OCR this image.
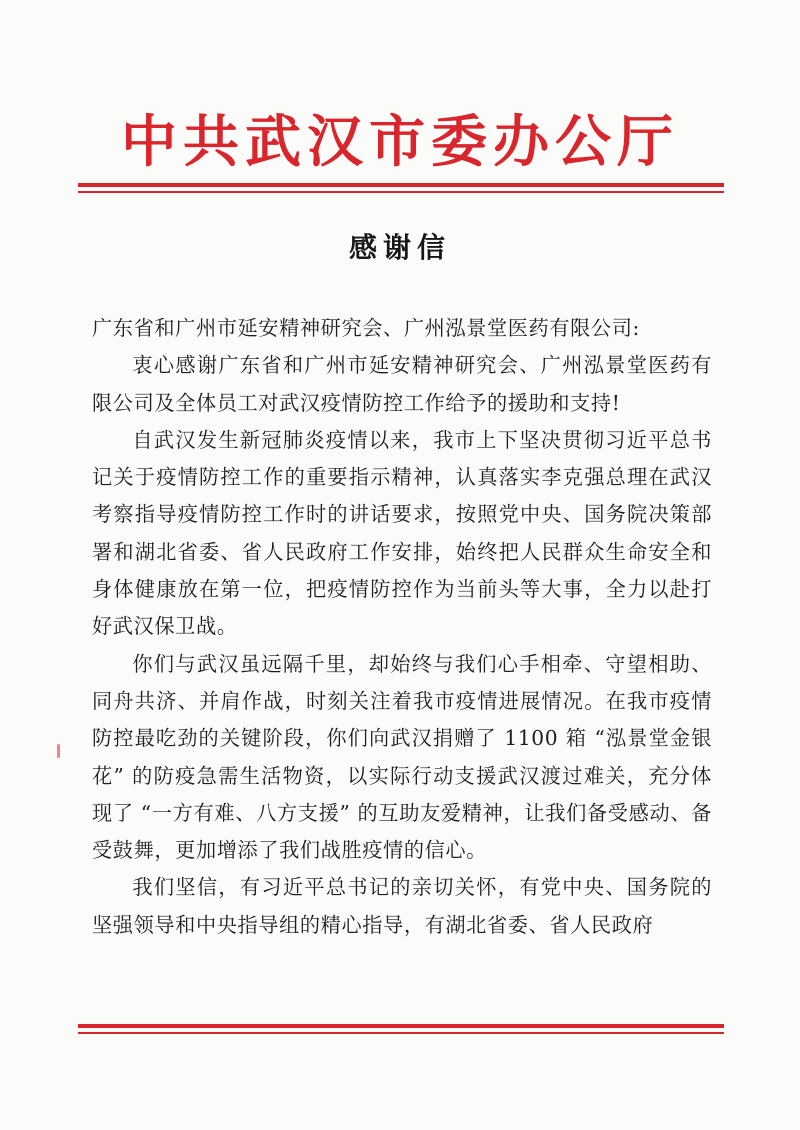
中共武汉市委办公厅
感谢信

广东省和广州市延安精神研究会、广州泓景堂医药有限公司:

衷心感谢广东省和广州市延安精神研究会、广州泓景堂医药有限公司及全体员工对武汉疫情防控工作给予的援助和支持!

自武汉发生新冠肺炎疫情以来，我市上下坚决贯彻习近平总书记关于疫情防控工作的重要指示精神，认真落实李克强总理在武汉考察指导疫情防控工作时的讲话要求，按照党中央、国务院决策部署和湖北省委、省人民政府工作安排，始终把人民群众生命安全和身体健康放在第一位，把疫情防控作为当前头等大事，全力以赴打好武汉保卫战。

你们与武汉虽远隔千里，却始终与我们心手相牵、守望相助、同舟共济、并肩作战，时刻关注着我市疫情进展情况。在我市疫情防控最吃劲的关键阶段，你们向武汉捐赠了 1100 箱 “泓景堂金银花” 的防疫急需生活物资，以实际行动支援武汉渡过难关，充分体现了 “一方有难、八方支援” 的互助友爱精神，让我们备受感动、备受鼓舞，更加增添了我们战胜疫情的信心。

我们坚信，有习近平总书记的亲切关怀，有党中央、国务院的坚强领导和中央指导组的精心指导，有湖北省委、省人民政府
